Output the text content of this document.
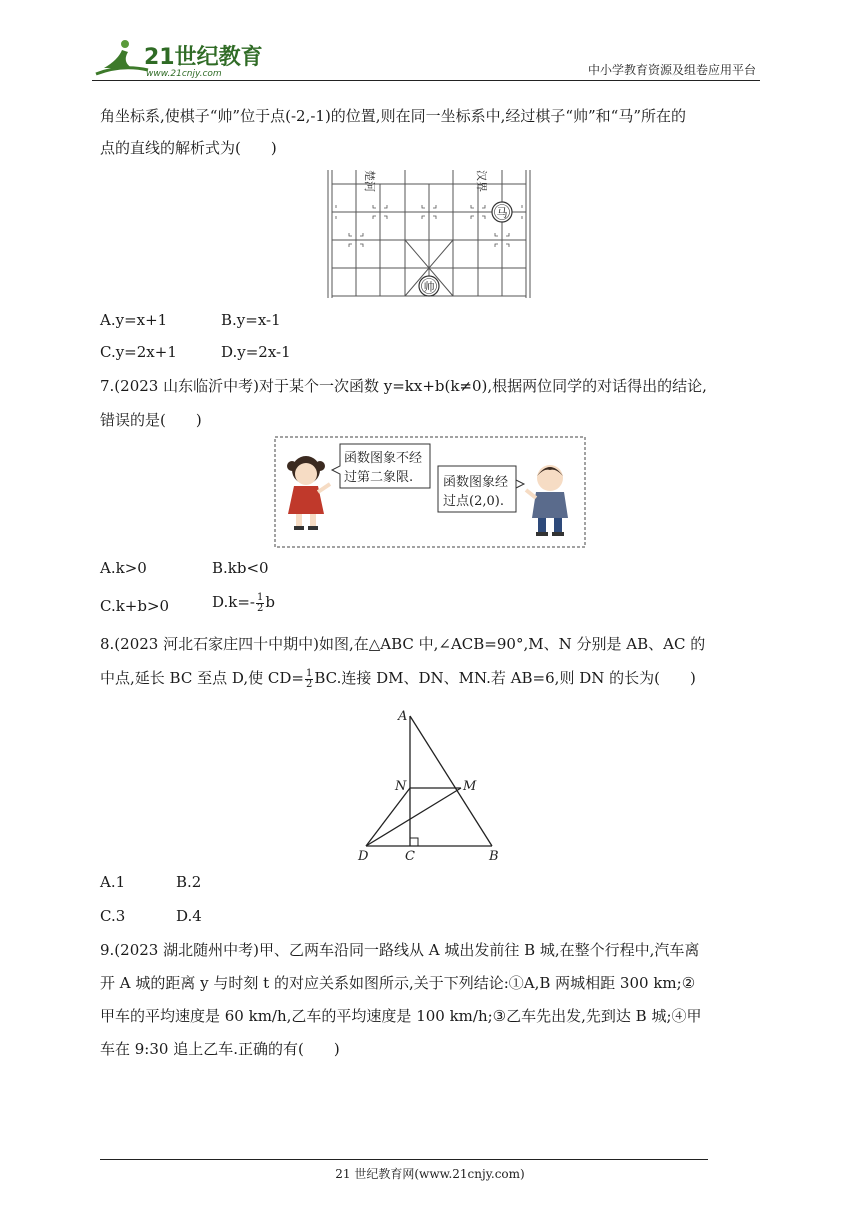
21世纪教育
www.21cnjy.com	中小学教育资源及组卷应用平台
角坐标系,使棋子“帅”位于点(-2,-1)的位置,则在同一坐标系中,经过棋子“帅”和“马”所在的
点的直线的解析式为(　　)
楚河	汉界
马
帅
A.y=x+1	B.y=x-1
C.y=2x+1	D.y=2x-1
7.(2023 山东临沂中考)对于某个一次函数 y=kx+b(k≠0),根据两位同学的对话得出的结论,
错误的是(　　)
函数图象不经
过第二象限. 函数图象经
过点(2,0).
A.k>0	B.kb<0
C.k+b>0	$D.k=- \frac{1}{2}$ b
8.(2023 河北石家庄四十中期中)如图,在△ABC 中,∠ACB=90°,M、N 分别是 AB、AC 的
中点,延长 BC 至点 D,使 $CD= \frac{1}{2}$ BC.连接 DM、DN、MN.若 AB=6,则 DN 的长为(　　)
A
N	M
D	C	B
A.1	B.2
C.3	D.4
9.(2023 湖北随州中考)甲、乙两车沿同一路线从 A 城出发前往 B 城,在整个行程中,汽车离
开 A 城的距离 y 与时刻 t 的对应关系如图所示,关于下列结论:①A,B 两城相距 300 km;②
甲车的平均速度是 60 km/h,乙车的平均速度是 100 km/h;③乙车先出发,先到达 B 城;④甲
车在 9:30 追上乙车.正确的有(　　)
21 世纪教育网(www.21cnjy.com)
